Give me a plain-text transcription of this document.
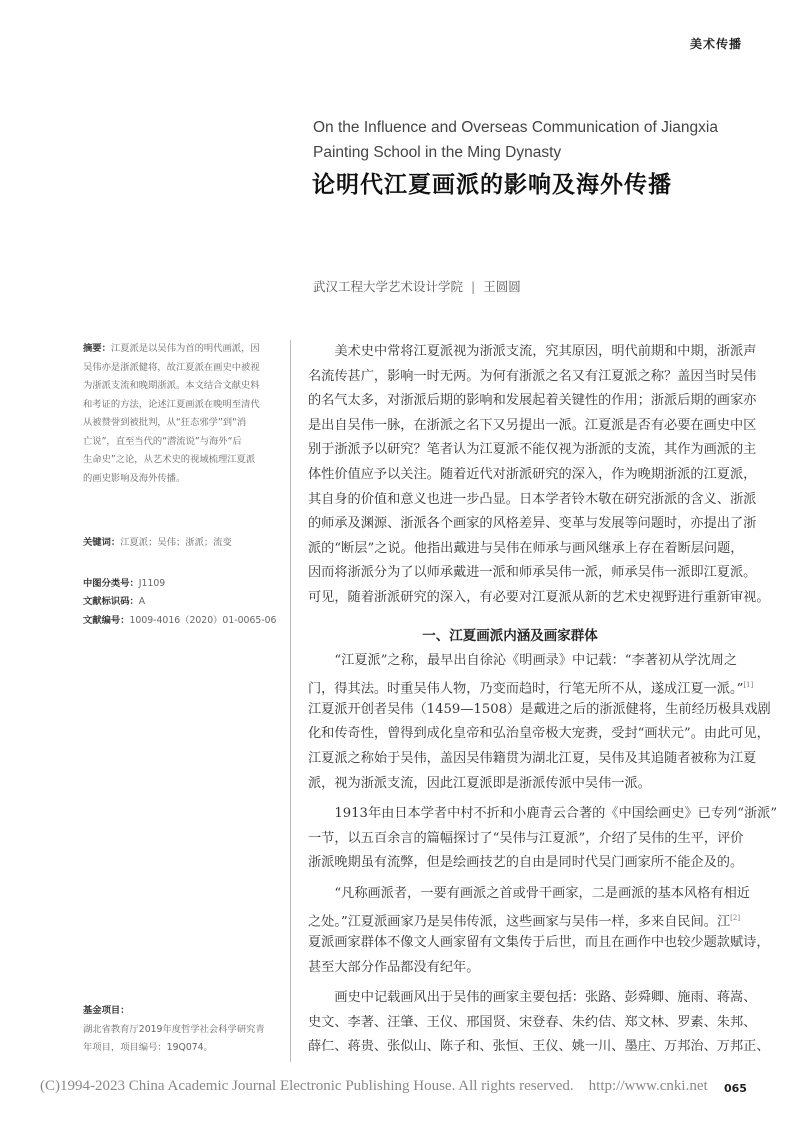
美术传播
On the Influence and Overseas Communication of Jiangxia Painting School in the Ming Dynasty
论明代江夏画派的影响及海外传播
武汉工程大学艺术设计学院 | 王圆圆
摘要：江夏派是以吴伟为首的明代画派，因
吴伟亦是浙派健将，故江夏派在画史中被视
为浙派支流和晚期浙派。本文结合文献史料
和考证的方法，论述江夏画派在晚明至清代
从被赞誉到被批判，从“狂态邪学”到“消
亡说”，直至当代的“潜流说”与海外“后
生命史”之论，从艺术史的视域梳理江夏派
的画史影响及海外传播。
关键词：江夏派；吴伟；浙派；流变
中图分类号：J1109
文献标识码：A
文献编号：1009-4016（2020）01-0065-06
基金项目：
湖北省教育厅2019年度哲学社会科学研究青
年项目，项目编号：19Q074。
美术史中常将江夏派视为浙派支流，究其原因，明代前期和中期，浙派声
名流传甚广，影响一时无两。为何有浙派之名又有江夏派之称？盖因当时吴伟
的名气太多，对浙派后期的影响和发展起着关键性的作用；浙派后期的画家亦
是出自吴伟一脉，在浙派之名下又另提出一派。江夏派是否有必要在画史中区
别于浙派予以研究？笔者认为江夏派不能仅视为浙派的支流，其作为画派的主
体性价值应予以关注。随着近代对浙派研究的深入，作为晚期浙派的江夏派，
其自身的价值和意义也进一步凸显。日本学者铃木敬在研究浙派的含义、浙派
的师承及渊源、浙派各个画家的风格差异、变革与发展等问题时，亦提出了浙
派的“断层”之说。他指出戴进与吴伟在师承与画风继承上存在着断层问题，
因而将浙派分为了以师承戴进一派和师承吴伟一派，师承吴伟一派即江夏派。
可见，随着浙派研究的深入，有必要对江夏派从新的艺术史视野进行重新审视。
一、江夏画派内涵及画家群体
“江夏派”之称，最早出自徐沁《明画录》中记载：“李著初从学沈周之
门，得其法。时重吴伟人物，乃变而趋时，行笔无所不从，遂成江夏一派。”[1]
江夏派开创者吴伟（1459—1508）是戴进之后的浙派健将，生前经历极具戏剧
化和传奇性，曾得到成化皇帝和弘治皇帝极大宠赉，受封“画状元”。由此可见，
江夏派之称始于吴伟，盖因吴伟籍贯为湖北江夏，吴伟及其追随者被称为江夏
派，视为浙派支流，因此江夏派即是浙派传派中吴伟一派。
1913年由日本学者中村不折和小鹿青云合著的《中国绘画史》已专列“浙派”
一节，以五百余言的篇幅探讨了“吴伟与江夏派”，介绍了吴伟的生平，评价
浙派晚期虽有流弊，但是绘画技艺的自由是同时代吴门画家所不能企及的。
“凡称画派者，一要有画派之首或骨干画家，二是画派的基本风格有相近
之处。”江夏派画家乃是吴伟传派，这些画家与吴伟一样，多来自民间。江[2]
夏派画家群体不像文人画家留有文集传于后世，而且在画作中也较少题款赋诗，
甚至大部分作品都没有纪年。
画史中记载画风出于吴伟的画家主要包括：张路、彭舜卿、施雨、蒋嵩、
史文、李著、汪肇、王仪、邢国贤、宋登春、朱约佶、郑文林、罗素、朱邦、
薛仁、蒋贵、张似山、陈子和、张恒、王仪、姚一川、墨庄、万邦治、万邦正、
(C)1994-2023 China Academic Journal Electronic Publishing House. All rights reserved.    http://www.cnki.net 065
